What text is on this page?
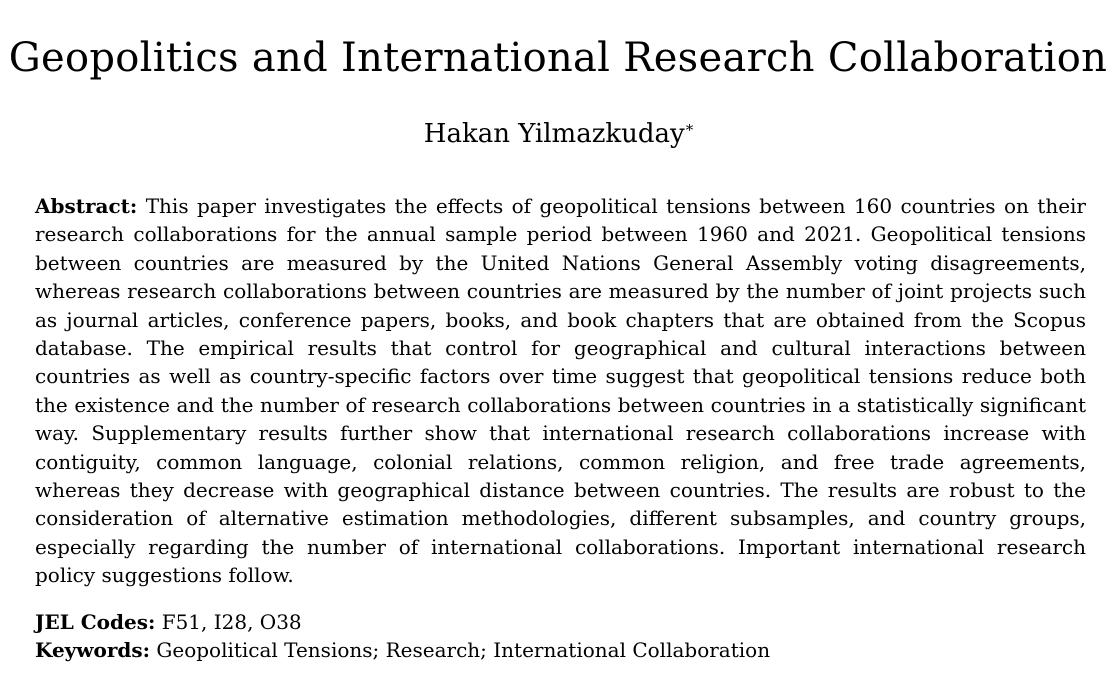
Geopolitics and International Research Collaboration
Hakan Yilmazkuday*
Abstract: This paper investigates the effects of geopolitical tensions between 160 countries on their research collaborations for the annual sample period between 1960 and 2021. Geopolitical tensions between countries are measured by the United Nations General Assembly voting disagreements, whereas research collaborations between countries are measured by the number of joint projects such as journal articles, conference papers, books, and book chapters that are obtained from the Scopus database. The empirical results that control for geographical and cultural interactions between countries as well as country-specific factors over time suggest that geopolitical tensions reduce both the existence and the number of research collaborations between countries in a statistically significant way. Supplementary results further show that international research collaborations increase with contiguity, common language, colonial relations, common religion, and free trade agreements, whereas they decrease with geographical distance between countries. The results are robust to the consideration of alternative estimation methodologies, different subsamples, and country groups, especially regarding the number of international collaborations. Important international research policy suggestions follow.
JEL Codes: F51, I28, O38
Keywords: Geopolitical Tensions; Research; International Collaboration
